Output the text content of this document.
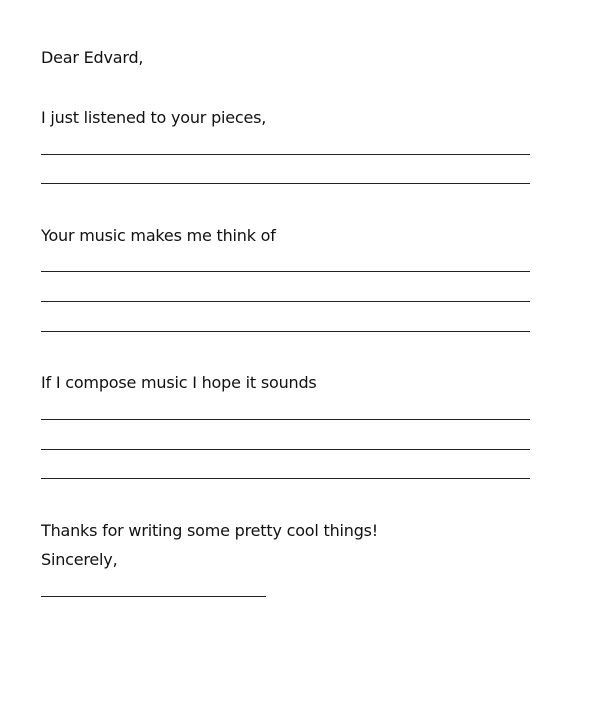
Dear Edvard,
I just listened to your pieces,
Your music makes me think of
If I compose music I hope it sounds
Thanks for writing some pretty cool things!
Sincerely,
